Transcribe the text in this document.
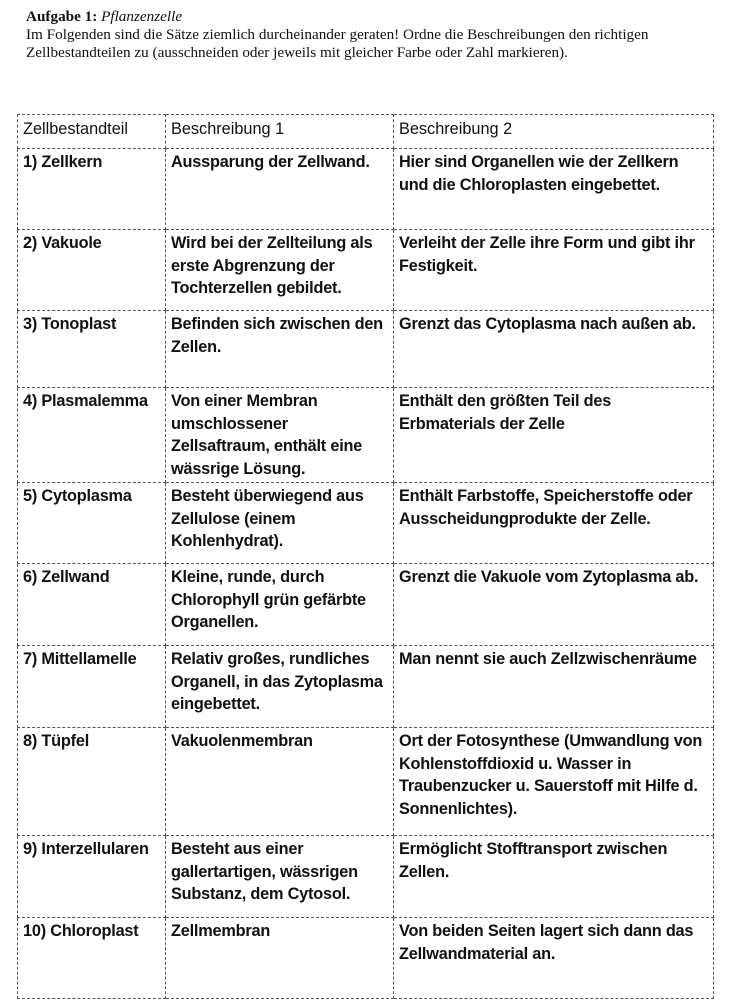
Aufgabe 1: Pflanzenzelle
Im Folgenden sind die Sätze ziemlich durcheinander geraten! Ordne die Beschreibungen den richtigen Zellbestandteilen zu (ausschneiden oder jeweils mit gleicher Farbe oder Zahl markieren).
Zellbestandteil	Beschreibung 1	Beschreibung 2
1) Zellkern	Aussparung der Zellwand.	Hier sind Organellen wie der Zellkern und die Chloroplasten eingebettet.
2) Vakuole	Wird bei der Zellteilung als erste Abgrenzung der Tochterzellen gebildet.	Verleiht der Zelle ihre Form und gibt ihr Festigkeit.
3) Tonoplast	Befinden sich zwischen den Zellen.	Grenzt das Cytoplasma nach außen ab.
4) Plasmalemma	Von einer Membran umschlossener Zellsaftraum, enthält eine wässrige Lösung.	Enthält den größten Teil des Erbmaterials der Zelle
5) Cytoplasma	Besteht überwiegend aus Zellulose (einem Kohlenhydrat).	Enthält Farbstoffe, Speicherstoffe oder Ausscheidungprodukte der Zelle.
6) Zellwand	Kleine, runde, durch Chlorophyll grün gefärbte Organellen.	Grenzt die Vakuole vom Zytoplasma ab.
7) Mittellamelle	Relativ großes, rundliches Organell, in das Zytoplasma eingebettet.	Man nennt sie auch Zellzwischenräume
8) Tüpfel	Vakuolenmembran	Ort der Fotosynthese (Umwandlung von Kohlenstoffdioxid u. Wasser in Traubenzucker u. Sauerstoff mit Hilfe d. Sonnenlichtes).
9) Interzellularen	Besteht aus einer gallertartigen, wässrigen Substanz, dem Cytosol.	Ermöglicht Stofftransport zwischen Zellen.
10) Chloroplast	Zellmembran	Von beiden Seiten lagert sich dann das Zellwandmaterial an.
